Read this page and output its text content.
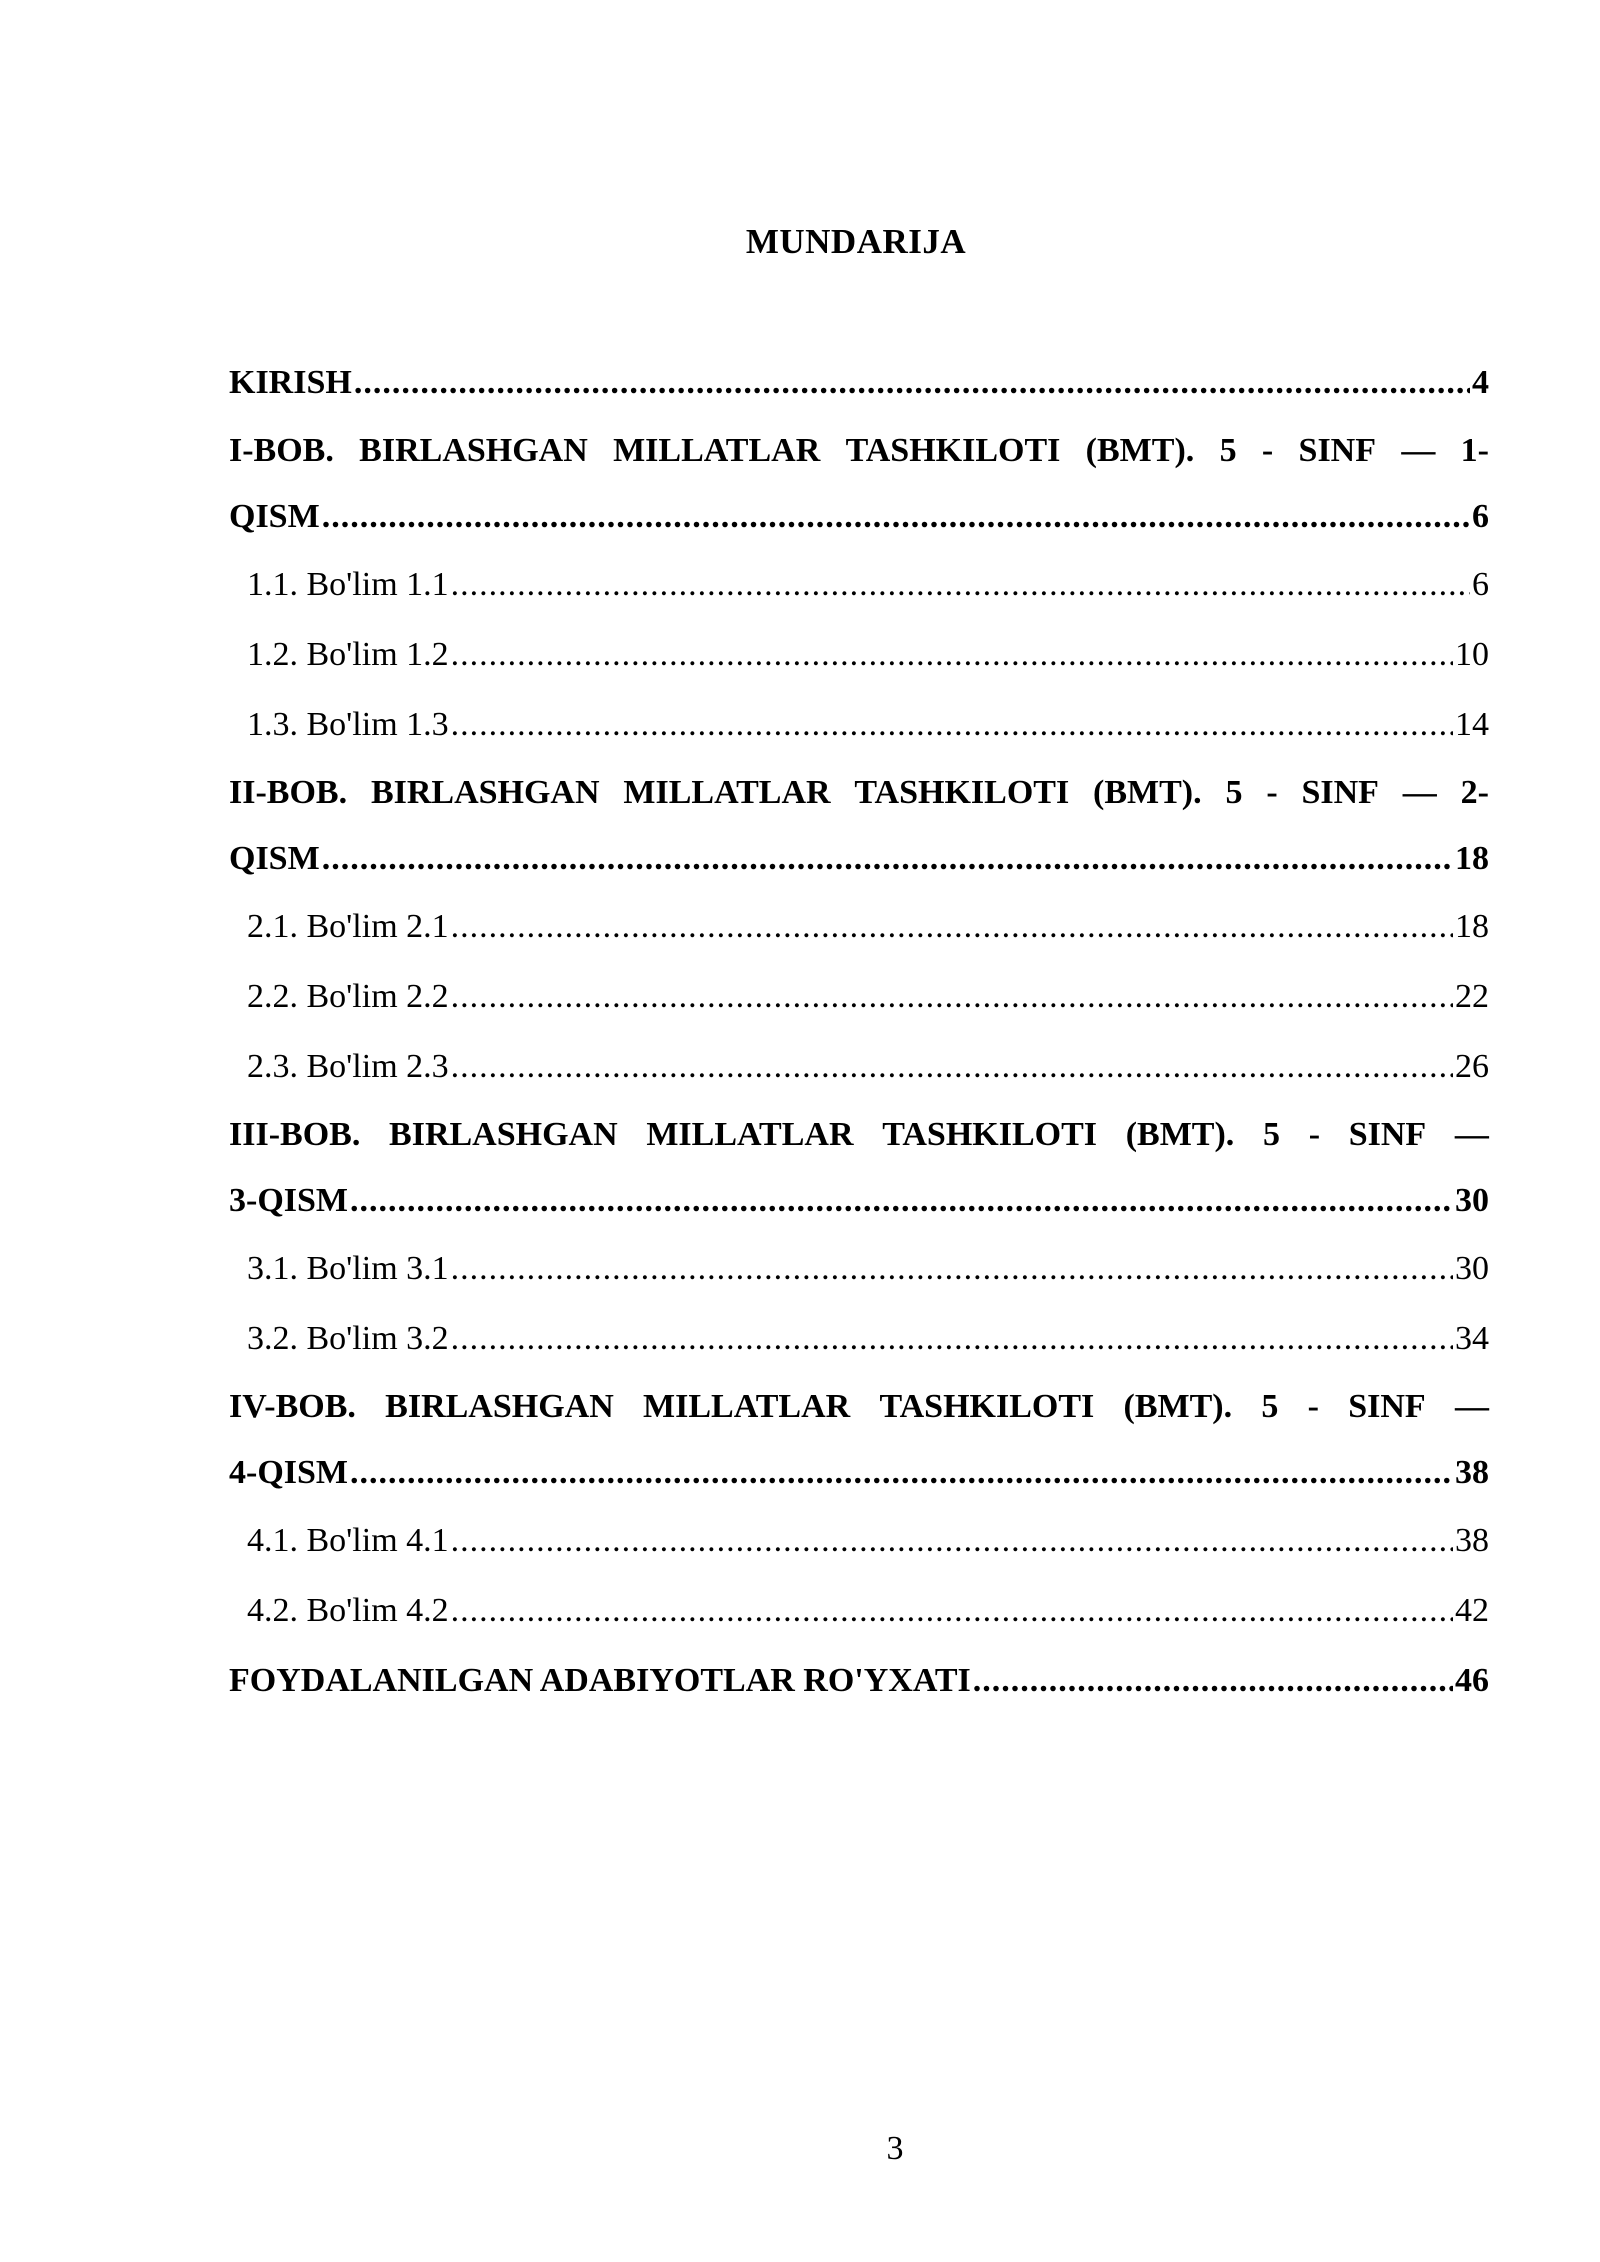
MUNDARIJA
KIRISH .....	4
I-BOB. BIRLASHGAN MILLATLAR TASHKILOTI (BMT). 5 - SINF — 1-
QISM .....	6
1.1. Bo'lim 1.1 .....	6
1.2. Bo'lim 1.2 .....	10
1.3. Bo'lim 1.3 .....	14
II-BOB. BIRLASHGAN MILLATLAR TASHKILOTI (BMT). 5 - SINF — 2-
QISM .....	18
2.1. Bo'lim 2.1 .....	18
2.2. Bo'lim 2.2 .....	22
2.3. Bo'lim 2.3 .....	26
III-BOB. BIRLASHGAN MILLATLAR TASHKILOTI (BMT). 5 - SINF —
3-QISM .....	30
3.1. Bo'lim 3.1 .....	30
3.2. Bo'lim 3.2 .....	34
IV-BOB. BIRLASHGAN MILLATLAR TASHKILOTI (BMT). 5 - SINF —
4-QISM .....	38
4.1. Bo'lim 4.1 .....	38
4.2. Bo'lim 4.2 .....	42
FOYDALANILGAN ADABIYOTLAR RO'YXATI .....	46
3
